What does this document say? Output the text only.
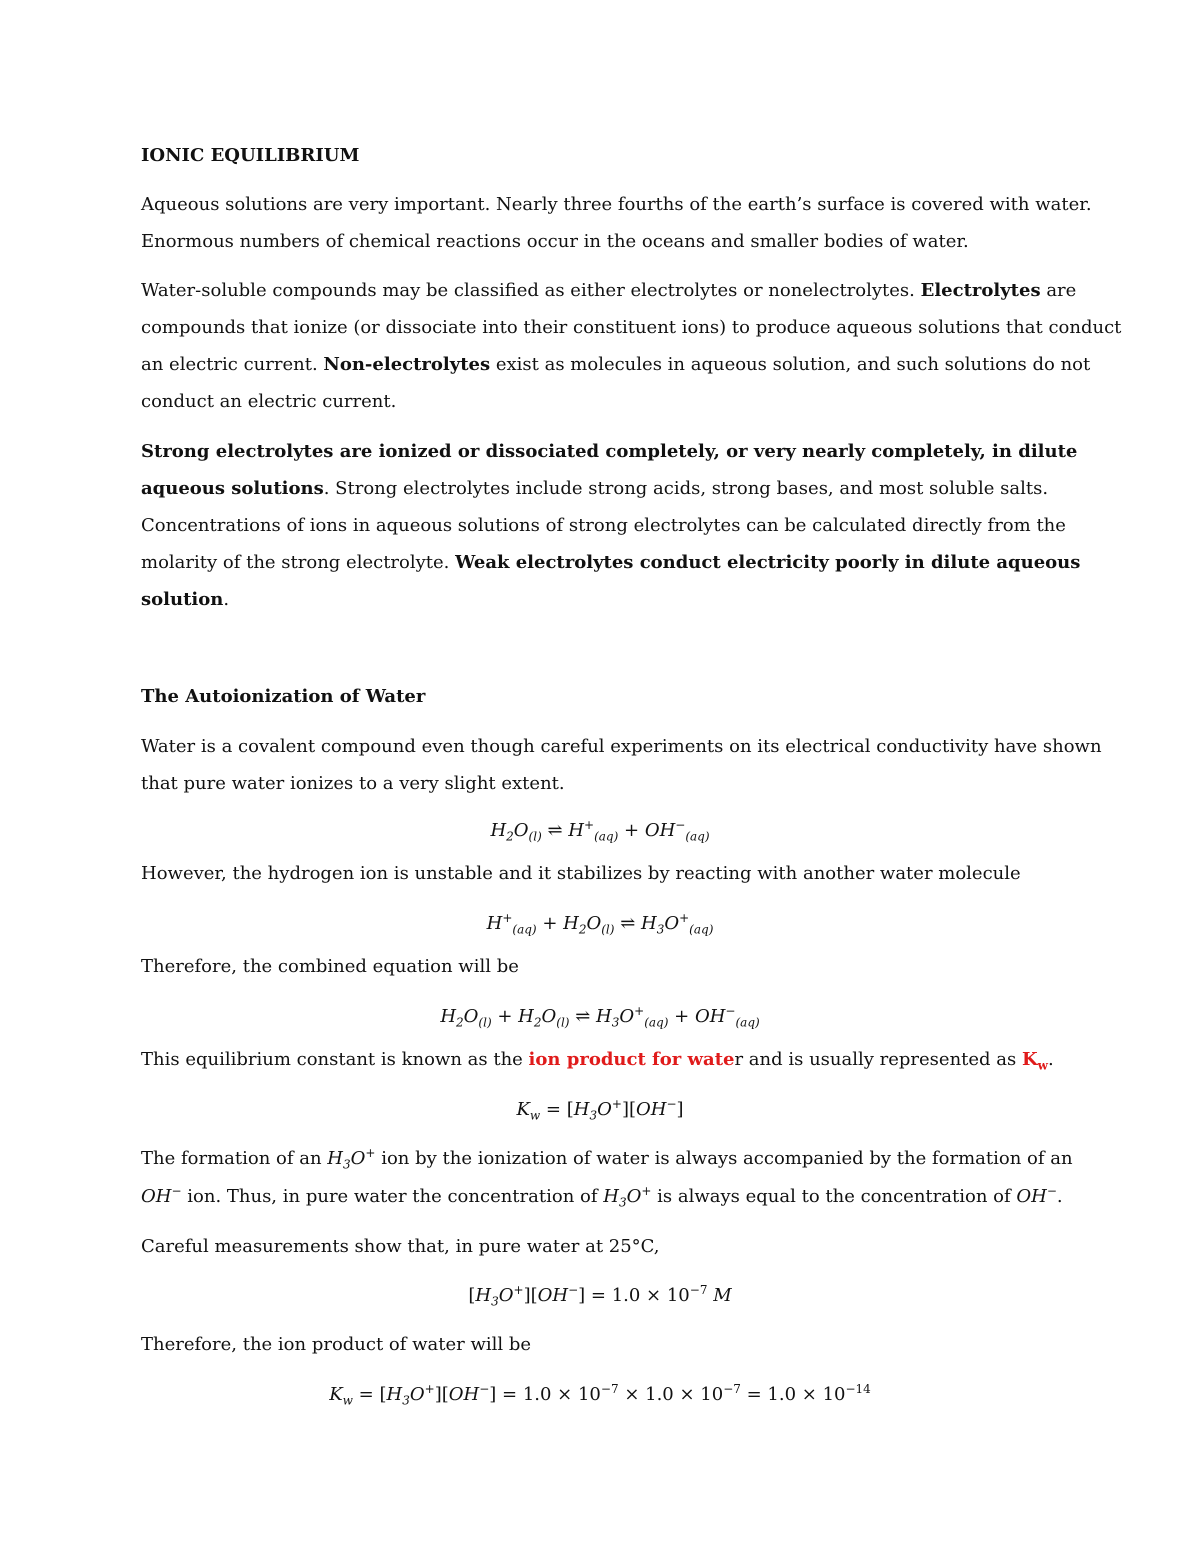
IONIC EQUILIBRIUM

Aqueous solutions are very important. Nearly three fourths of the earth’s surface is covered with water.

Enormous numbers of chemical reactions occur in the oceans and smaller bodies of water.

Water-soluble compounds may be classified as either electrolytes or nonelectrolytes. Electrolytes are

compounds that ionize (or dissociate into their constituent ions) to produce aqueous solutions that conduct

an electric current. Non-electrolytes exist as molecules in aqueous solution, and such solutions do not

conduct an electric current.

Strong electrolytes are ionized or dissociated completely, or very nearly completely, in dilute

aqueous solutions. Strong electrolytes include strong acids, strong bases, and most soluble salts.

Concentrations of ions in aqueous solutions of strong electrolytes can be calculated directly from the

molarity of the strong electrolyte. Weak electrolytes conduct electricity poorly in dilute aqueous

solution.

The Autoionization of Water

Water is a covalent compound even though careful experiments on its electrical conductivity have shown

that pure water ionizes to a very slight extent.

$H_2O_{(l)}$ ⇌ $H^+_{(aq)} + OH^-_{(aq)}$

However, the hydrogen ion is unstable and it stabilizes by reacting with another water molecule

$H^+_{(aq)} + H_2O_{(l)}$ ⇌ $H_3O^+_{(aq)}$

Therefore, the combined equation will be

$H_2O_{(l)} + H_2O_{(l)}$ ⇌ $H_3O^+_{(aq)} + OH^-_{(aq)}$

This equilibrium constant is known as the ion product for water and is usually represented as $K_w$.

$K_w = [H_3O^+][OH^-]$

The formation of an $H_3O^+$ ion by the ionization of water is always accompanied by the formation of an

OH− ion. Thus, in pure water the concentration of $H_3O^+$ is always equal to the concentration of OH−.

Careful measurements show that, in pure water at 25°C,

$[H_3O^+][OH^-] = 1.0 \times 10^{-7}$ M

Therefore, the ion product of water will be

$K_w = [H_3O^+][OH^-] = 1.0 \times 10^{-7} \times 1.0 \times 10^{-7} = 1.0 \times 10^{-14}$
